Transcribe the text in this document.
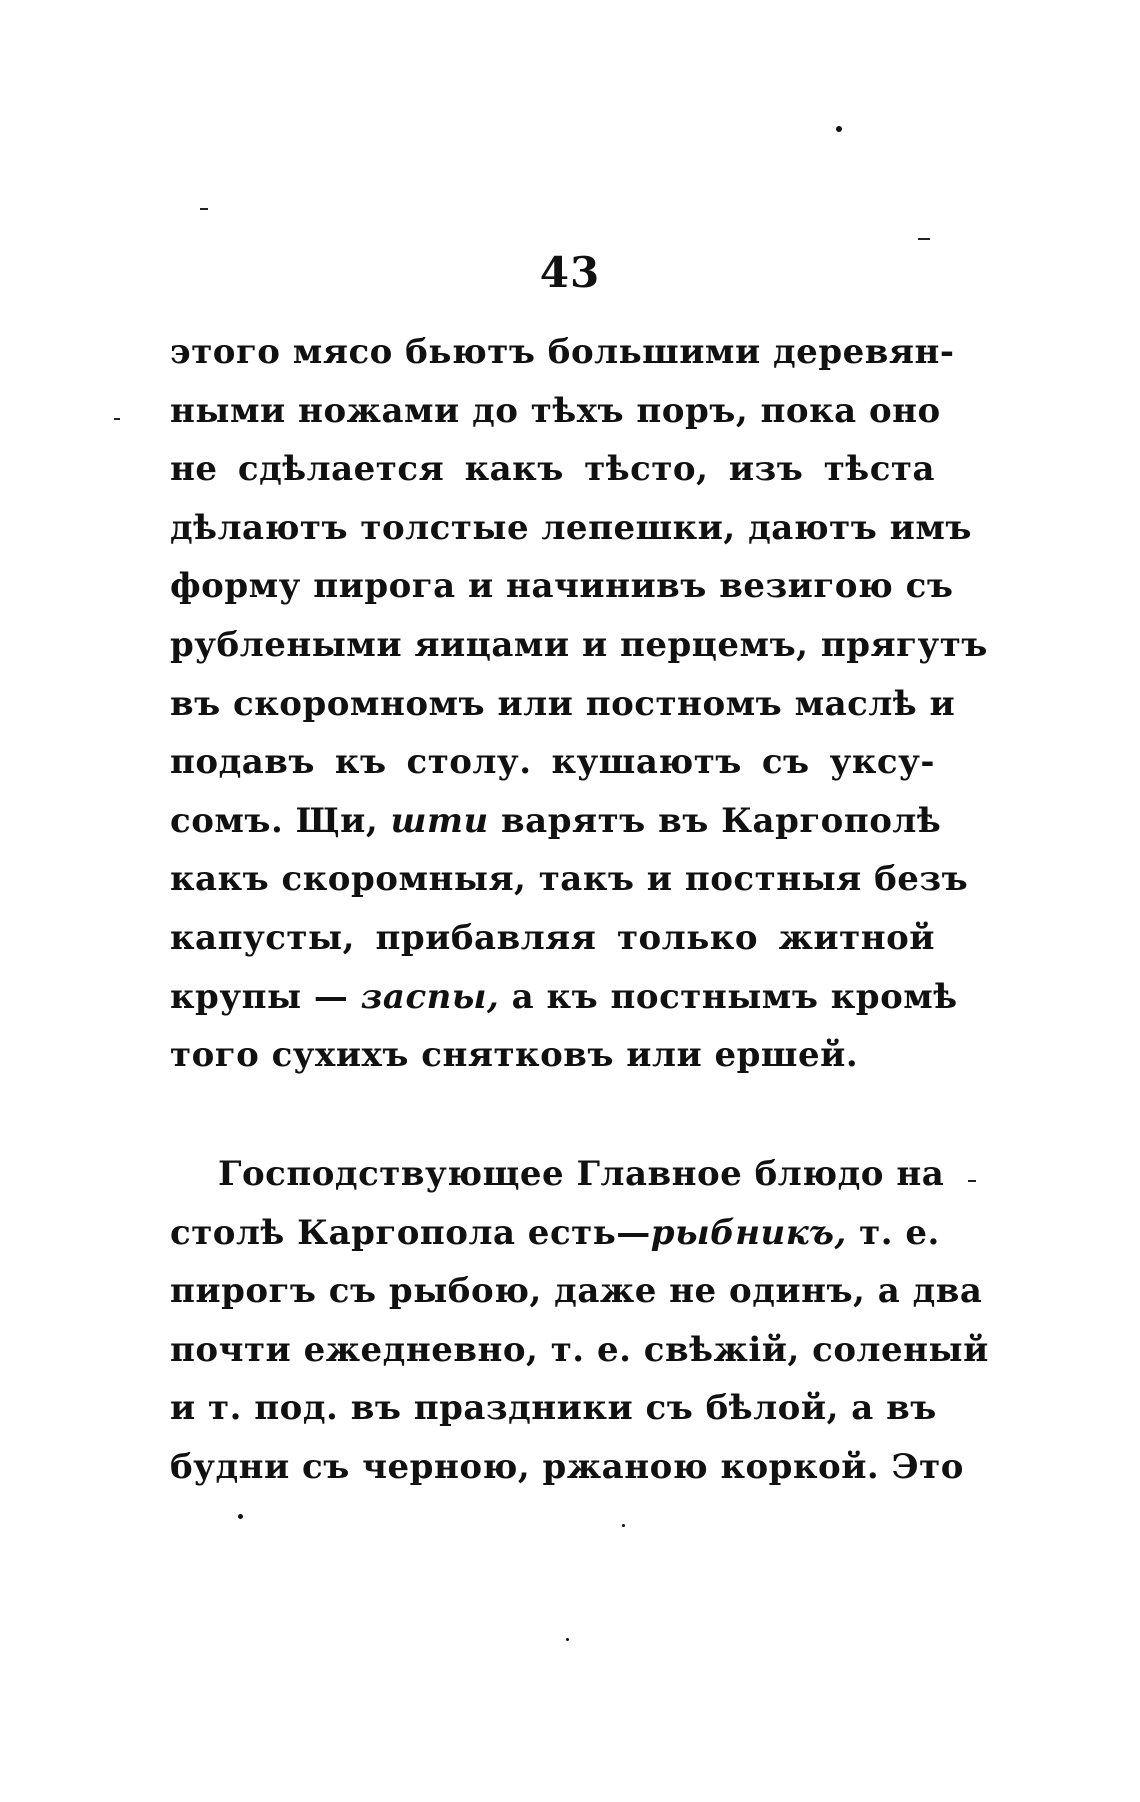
43
этого мясо бьютъ большими деревян-
ными ножами до тѣхъ поръ, пока оно
не сдѣлается какъ тѣсто, изъ тѣста
дѣлаютъ толстые лепешки, даютъ имъ
форму пирога и начинивъ везигою съ
рублеными яицами и перцемъ, прягутъ
въ скоромномъ или постномъ маслѣ и
подавъ къ столу. кушаютъ съ уксу-
сомъ. Щи, шти варятъ въ Каргополѣ
какъ скоромныя, такъ и постныя безъ
капусты, прибавляя только житной
крупы — заспы, а къ постнымъ кромѣ
того сухихъ снятковъ или ершей.
Господствующее Главное блюдо на
столѣ Каргопола есть—рыбникъ, т. е.
пирогъ съ рыбою, даже не одинъ, а два
почти ежедневно, т. е. свѣжій, соленый
и т. под. въ праздники съ бѣлой, а въ
будни съ черною, ржаною коркой. Это
